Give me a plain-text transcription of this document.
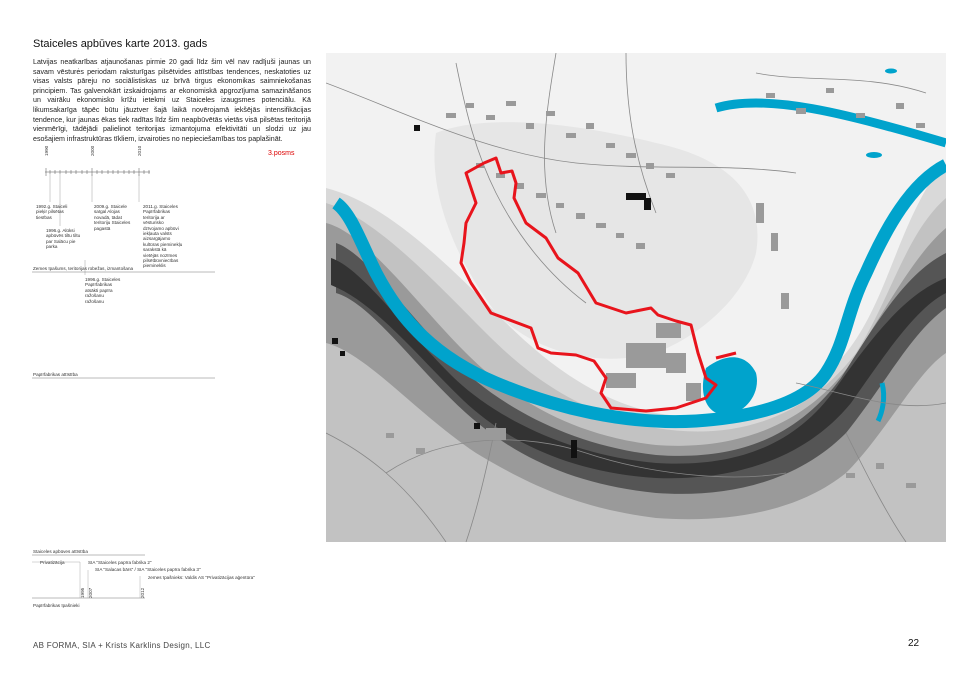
Staiceles apbūves karte 2013. gads
Latvijas neatkarības atjaunošanas pirmie 20 gadi līdz šim vēl nav radījuši jaunas un savam vēsturės periodam raksturīgas pilsētvides attīstības tendences, neskatoties uz visas valsts pāreju no sociālistiskas uz brīvā tirgus ekonomikas saimniekošanas principiem. Tas galvenokārt izskaidrojams ar ekonomiskā apgrozījuma samazināšanos un vairāku ekonomisko krīžu ietekmi uz Staiceles izaugsmes potenciālu. Kā likumsakarīga tāpēc būtu jāuztver šajā laikā novērojamā iekšējās intensifikācijas tendence, kur jaunas ēkas tiek radītas līdz šim neapbūvētās vietās visā pilsētas teritorijā vienmērīgi, tādējādi palielinot teritorijas izmantojuma efektivitāti un slodzi uz jau esošajiem infrastruktūras tīkliem, izvairoties no nepieciešamības tos paplašināt.
3.posms
1990	2000	2010
1992.g. Staiceli pieķir pilsētas tiesības
1996.g. Alūksi apbūvēs tiltu tiltu par Salācu pie parka
2009.g. Staicele saīgal Alojas novadā, tādat teritoriju Staiceles pagastā
2011.g. Staiceles Papīrfabrikas teritorija ar vēsturisko dzīvojamo apbūvi iekļauta valsts aizsargājamo kultūras pieminekļu sarakstā kā vietējās nozīmes pilsētbūvniecības piemineklis
1996.g. Staiceles Papīrfabrikas atsākti papīra ražošanu ražošanu
Zemes īpašums, teritorijas robežas, izmantošana
Papīrfabrikas attīstība
Staiceles apbūves attīstība
Privatizācija	SIA "Staiceles papīra fabrika 2"
SIA "Salacas bārs" / SIA "Staiceles papīra fabrika 3"
zemes īpašnieks: Valdis AS "Privatizācijas aģentūra"
1995 2007	2012
Papīrfabrikas īpašnieki
AB FORMA, SIA + Krists Karklins Design, LLC	22
